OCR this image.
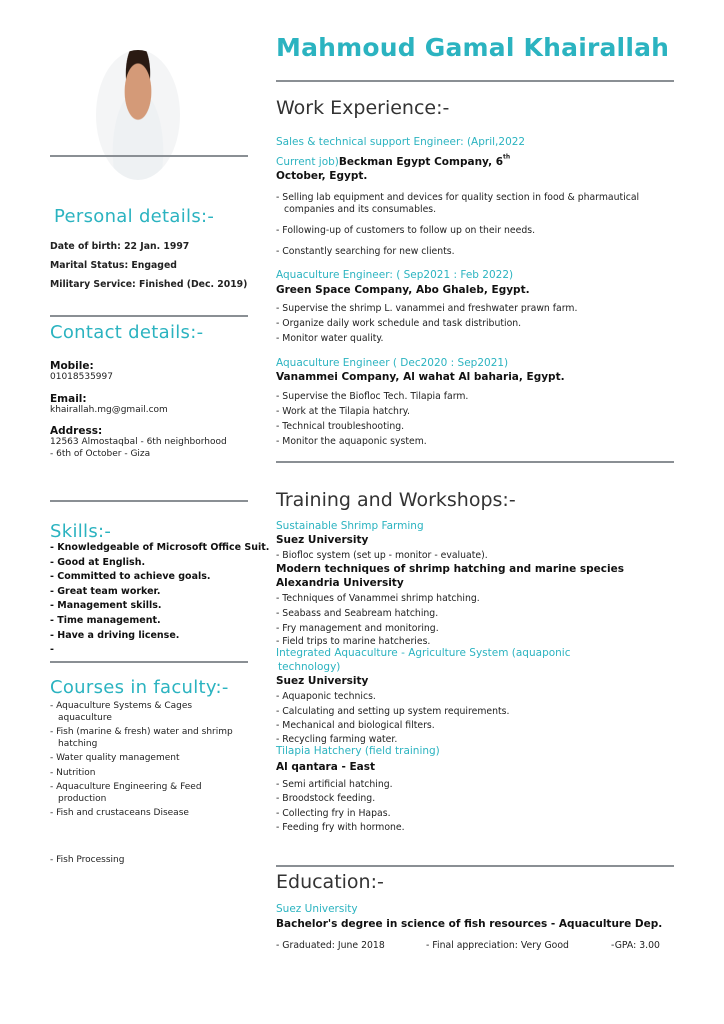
Personal details:-
Date of birth: 22 Jan. 1997
Marital Status: Engaged
Military Service: Finished (Dec. 2019)
Contact details:-
Mobile:
01018535997
Email:
khairallah.mg@gmail.com
Address:
12563 Almostaqbal - 6th neighborhood
- 6th of October - Giza
Skills:-
- Knowledgeable of Microsoft Office Suit.
- Good at English.
- Committed to achieve goals.
- Great team worker.
- Management skills.
- Time management.
- Have a driving license.
-
Courses in faculty:-
- Aquaculture Systems & Cages
aquaculture
- Fish (marine & fresh) water and shrimp
hatching
- Water quality management
- Nutrition
- Aquaculture Engineering & Feed
production
- Fish and crustaceans Disease
- Fish Processing
Mahmoud Gamal Khairallah
Work Experience:-
Sales & technical support Engineer: (April,2022
Current job)Beckman Egypt Company, 6th
October, Egypt.
- Selling lab equipment and devices for quality section in food & pharmautical
companies and its consumables.
- Following-up of customers to follow up on their needs.
- Constantly searching for new clients.
Aquaculture Engineer: ( Sep2021 : Feb 2022)
Green Space Company, Abo Ghaleb, Egypt.
- Supervise the shrimp L. vanammei and freshwater prawn farm.
- Organize daily work schedule and task distribution.
- Monitor water quality.
Aquaculture Engineer ( Dec2020 : Sep2021)
Vanammei Company, Al wahat Al baharia, Egypt.
- Supervise the Biofloc Tech. Tilapia farm.
- Work at the Tilapia hatchry.
- Technical troubleshooting.
- Monitor the aquaponic system.
Training and Workshops:-
Sustainable Shrimp Farming
Suez University
- Biofloc system (set up - monitor - evaluate).
Modern techniques of shrimp hatching and marine species
Alexandria University
- Techniques of Vanammei shrimp hatching.
- Seabass and Seabream hatching.
- Fry management and monitoring.
- Field trips to marine hatcheries.
Integrated Aquaculture - Agriculture System (aquaponic
technology)
Suez University
- Aquaponic technics.
- Calculating and setting up system requirements.
- Mechanical and biological filters.
- Recycling farming water.
Tilapia Hatchery (field training)
Al qantara - East
- Semi artificial hatching.
- Broodstock feeding.
- Collecting fry in Hapas.
- Feeding fry with hormone.
Education:-
Suez University
Bachelor's degree in science of fish resources - Aquaculture Dep.
- Graduated: June 2018	- Final appreciation: Very Good	-GPA: 3.00
